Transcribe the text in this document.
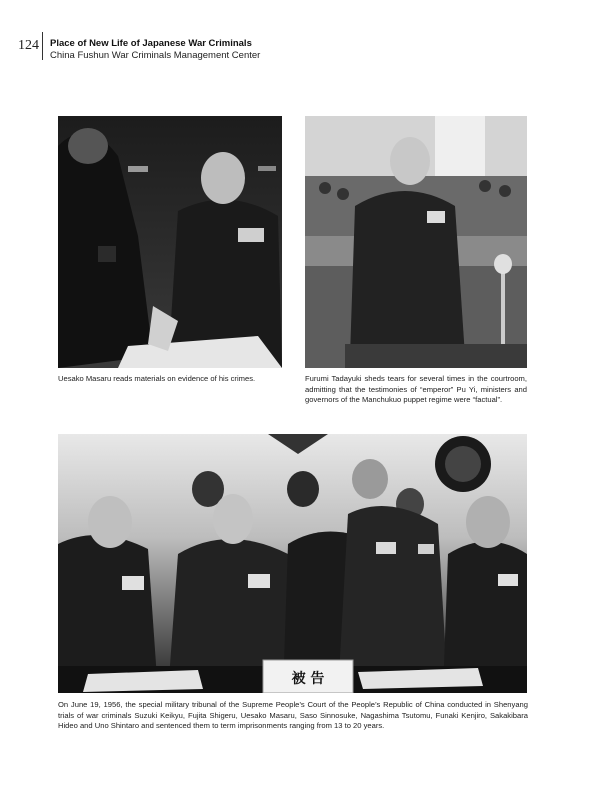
124 Place of New Life of Japanese War Criminals
China Fushun War Criminals Management Center
Uesako Masaru reads materials on evidence of his crimes.	Furumi Tadayuki sheds tears for several times in the courtroom, admitting that the testimonies of “emperor” Pu Yi, ministers and governors of the Manchukuo puppet regime were “factual”.
被 告
On June 19, 1956, the special military tribunal of the Supreme People’s Court of the People’s Republic of China conducted in Shenyang trials of war criminals Suzuki Keikyu, Fujita Shigeru, Uesako Masaru, Saso Sinnosuke, Nagashima Tsutomu, Funaki Kenjiro, Sakakibara Hideo and Uno Shintaro and sentenced them to term imprisonments ranging from 13 to 20 years.
